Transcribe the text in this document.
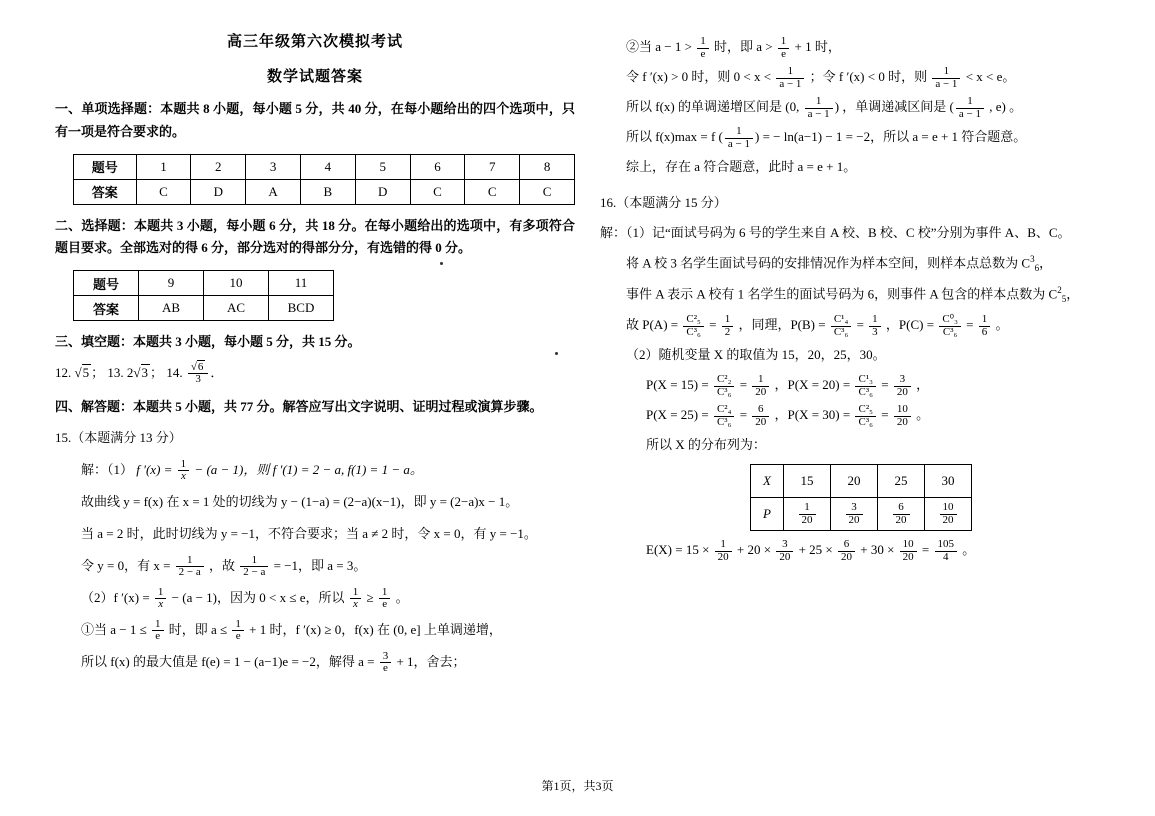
高三年级第六次模拟考试
数学试题答案

一、单项选择题：本题共 8 小题，每小题 5 分，共 40 分，在每小题给出的四个选项中，只有一项是符合要求的。

题号	1	2	3	4	5	6	7	8
答案	C	D	A	B	D	C	C	C

二、选择题：本题共 3 小题，每小题 6 分，共 18 分。在每小题给出的选项中，有多项符合题目要求。全部选对的得 6 分，部分选对的得部分分，有选错的得 0 分。

题号	9	10	11
答案	AB	AC	BCD

三、填空题：本题共 3 小题，每小题 5 分，共 15 分。

12. √ 5 ； 13. 2 √ 3 ； 14. √ $\frac{6}{3}$ ．

四、解答题：本题共 5 小题，共 77 分。解答应写出文字说明、证明过程或演算步骤。

15.（本题满分 13 分）
解：（1） f $'(x) = \frac{1}{x} - (a - 1)$，则 f ′(1) = 2 − a, f(1) = 1 − a。
故曲线 y = f(x) 在 x = 1 处的切线为 y − (1−a) = (2−a)(x−1)，即 y = (2−a)x − 1。
当 a = 2 时，此时切线为 y = −1，不符合要求；当 a ≠ 2 时，令 x = 0，有 y = −1。
令 y = 0，有 $x = \frac{1}{2 - a}$ ，故 $\frac{1}{2 - a} = -1$，即 a = 3。
（2）f $'(x) = \frac{1}{x} - (a - 1)$，因为 0 < x ≤ e，所以 $\frac{1}{x} \ge \frac{1}{e}$ 。
①当 $a - 1 \le \frac{1}{e}$ 时，即 $a \le \frac{1}{e} + 1$ 时，f ′(x) ≥ 0，f(x) 在 (0, e] 上单调递增，
所以 f(x) 的最大值是 f(e) = 1 − (a−1)e = −2，解得 $a = \frac{3}{e} + 1$，舍去；
②当 $a - 1 > \frac{1}{e}$ 时，即 $a > \frac{1}{e} + 1$ 时，
令 f ′(x) > 0 时，则 $0 < x < \frac{1}{a - 1}$ ；令 f ′(x) < 0 时，则 $\frac{1}{a - 1} < x < e$。
所以 f(x) 的单调递增区间是 (0, $\frac{1}{a - 1}$ ) ，单调递减区间是 ( $\frac{1}{a - 1}$ , e) 。
所以 f(x)max = f ( $\frac{1}{a - 1}$ ) = − ln(a−1) − 1 = −2，所以 a = e + 1 符合题意。
综上，存在 a 符合题意，此时 a = e + 1。
16.（本题满分 15 分）
解：（1）记“面试号码为 6 号的学生来自 A 校、B 校、C 校”分别为事件 A、B、C。
将 A 校 3 名学生面试号码的安排情况作为样本空间，则样本点总数为 $C^3_6$，
事件 A 表示 A 校有 1 名学生的面试号码为 6，则事件 A 包含的样本点数为 $C^2_5$，
故 $P(A) = \frac{\text{C²₅}}{\text{C³₆}} = \frac{1}{2}$ ，同理，$P(B) = \frac{\text{C¹₄}}{\text{C³₆}} = \frac{1}{3}$ ，$P(C) = \frac{\text{C⁰₃}}{\text{C³₆}} = \frac{1}{6}$ 。
（2）随机变量 X 的取值为 15，20，25，30。
$P(X = 15) = \frac{\text{C²₂}}{\text{C³₆}} = \frac{1}{20}$ ，$P(X = 20) = \frac{\text{C¹₃}}{\text{C³₆}} = \frac{3}{20}$ ，
$P(X = 25) = \frac{\text{C²₄}}{\text{C³₆}} = \frac{6}{20}$ ，$P(X = 30) = \frac{\text{C²₅}}{\text{C³₆}} = \frac{10}{20}$ 。
所以 X 的分布列为：
X	15	20	25	30
P	$\frac{1}{20}$	$\frac{3}{20}$	$\frac{6}{20}$	$\frac{10}{20}$
$E(X) = 15 \times \frac{1}{20} + 20 \times \frac{3}{20} + 25 \times \frac{6}{20} + 30 \times \frac{10}{20} = \frac{105}{4}$ 。
第1页，共3页
